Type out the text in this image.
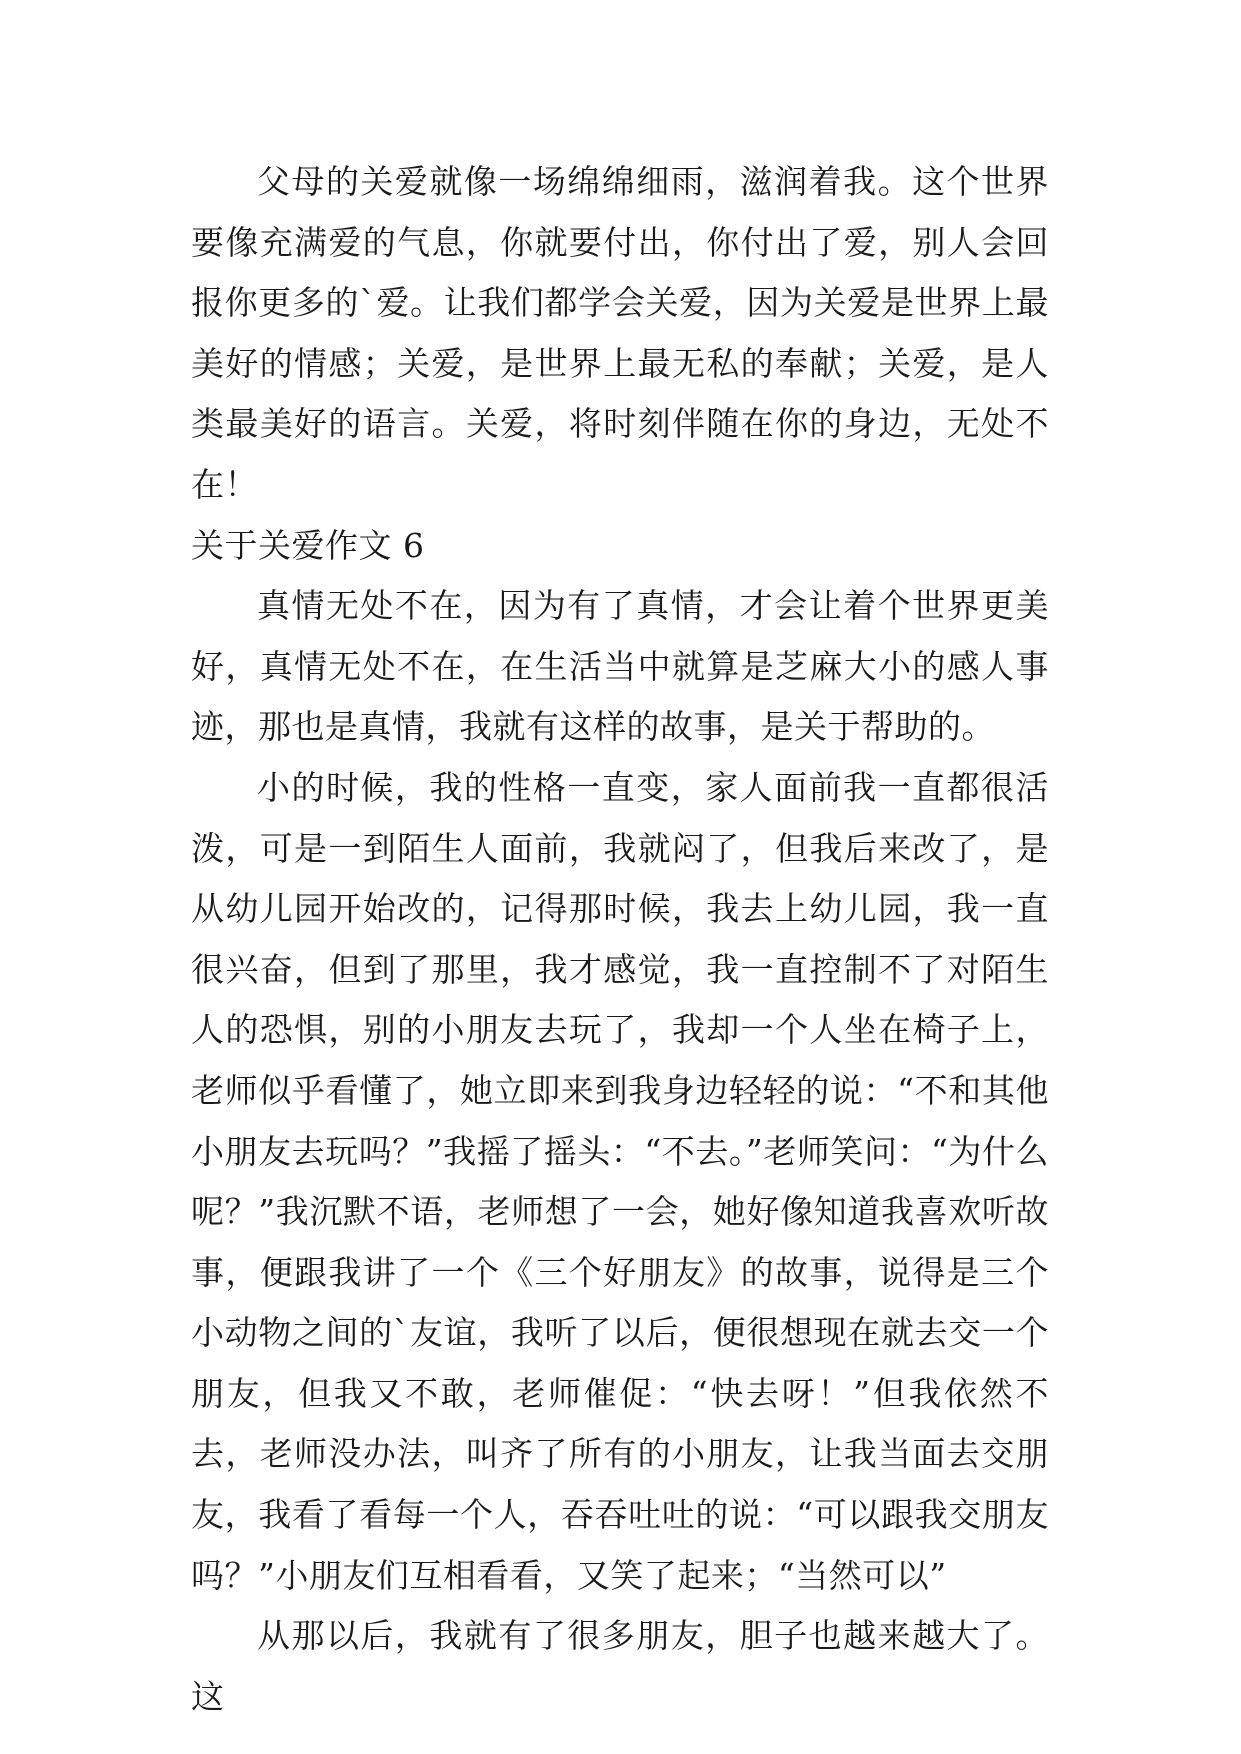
父母的关爱就像一场绵绵细雨，滋润着我。这个世界要像充满爱的气息，你就要付出，你付出了爱，别人会回报你更多的`爱。让我们都学会关爱，因为关爱是世界上最美好的情感；关爱，是世界上最无私的奉献；关爱，是人类最美好的语言。关爱，将时刻伴随在你的身边，无处不在！

关于关爱作文 6

真情无处不在，因为有了真情，才会让着个世界更美好，真情无处不在，在生活当中就算是芝麻大小的感人事迹，那也是真情，我就有这样的故事，是关于帮助的。

小的时候，我的性格一直变，家人面前我一直都很活泼，可是一到陌生人面前，我就闷了，但我后来改了，是从幼儿园开始改的，记得那时候，我去上幼儿园，我一直很兴奋，但到了那里，我才感觉，我一直控制不了对陌生人的恐惧，别的小朋友去玩了，我却一个人坐在椅子上，老师似乎看懂了，她立即来到我身边轻轻的说：“不和其他小朋友去玩吗？”我摇了摇头：“不去。”老师笑问：“为什么呢？”我沉默不语，老师想了一会，她好像知道我喜欢听故事，便跟我讲了一个《三个好朋友》的故事，说得是三个小动物之间的`友谊，我听了以后，便很想现在就去交一个朋友，但我又不敢，老师催促：“快去呀！”但我依然不去，老师没办法，叫齐了所有的小朋友，让我当面去交朋友，我看了看每一个人，吞吞吐吐的说：“可以跟我交朋友吗？”小朋友们互相看看，又笑了起来；“当然可以”

从那以后，我就有了很多朋友，胆子也越来越大了。这
